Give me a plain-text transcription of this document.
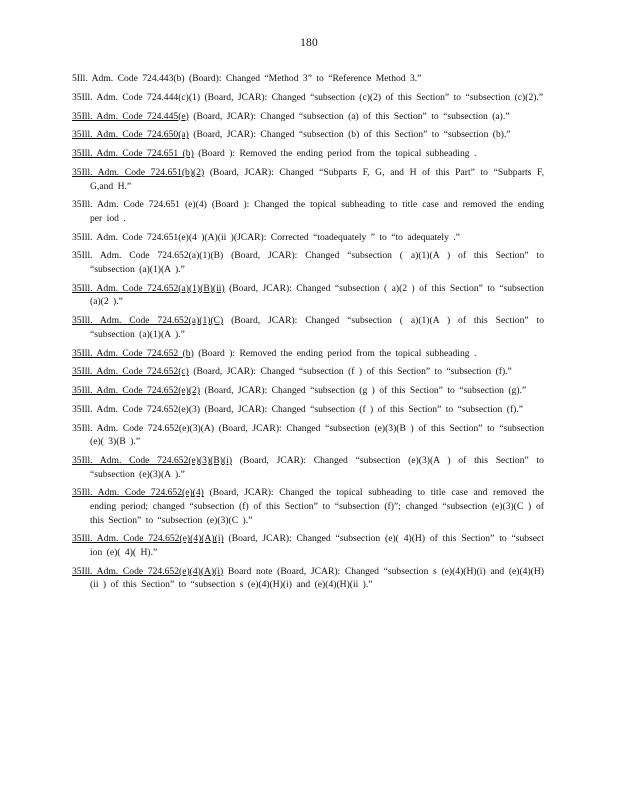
180

5Ill. Adm. Code 724.443(b) (Board): Changed “Method 3” to “Reference Method 3.”

35Ill. Adm. Code 724.444(c)(1) (Board, JCAR): Changed “subsection (c)(2) of this Section” to “subsection (c)(2).”

35Ill. Adm. Code 724.445(e) (Board, JCAR): Changed “subsection (a) of this Section” to “subsection (a).”

35Ill. Adm. Code 724.650(a) (Board, JCAR): Changed “subsection (b) of this Section” to “subsection (b).”

35Ill. Adm. Code 724.651 (b) (Board ): Removed the ending period from the topical subheading .

35Ill. Adm. Code 724.651(b)(2) (Board, JCAR): Changed “Subparts F, G, and H of this Part” to “Subparts F, G,and H.”

35Ill. Adm. Code 724.651 (e)(4) (Board ): Changed the topical subheading to title case and removed the ending per iod .

35Ill. Adm. Code 724.651(e)(4 )(A)(ii )(JCAR): Corrected “toadequately ” to “to adequately .”

35Ill. Adm. Code 724.652(a)(1)(B) (Board, JCAR): Changed “subsection ( a)(1)(A ) of this Section” to “subsection (a)(1)(A ).”

35Ill. Adm. Code 724.652(a)(1)(B)(ii) (Board, JCAR): Changed “subsection ( a)(2 ) of this Section” to “subsection (a)(2 ).”

35Ill. Adm. Code 724.652(a)(1)(C) (Board, JCAR): Changed “subsection ( a)(1)(A ) of this Section” to “subsection (a)(1)(A ).”

35Ill. Adm. Code 724.652 (b) (Board ): Removed the ending period from the topical subheading .

35Ill. Adm. Code 724.652(c) (Board, JCAR): Changed “subsection (f ) of this Section” to “subsection (f).”

35Ill. Adm. Code 724.652(e)(2) (Board, JCAR): Changed “subsection (g ) of this Section” to “subsection (g).”

35Ill. Adm. Code 724.652(e)(3) (Board, JCAR): Changed “subsection (f ) of this Section” to “subsection (f).”

35Ill. Adm. Code 724.652(e)(3)(A) (Board, JCAR): Changed “subsection (e)(3)(B ) of this Section” to “subsection (e)( 3)(B ).”

35Ill. Adm. Code 724.652(e)(3)(B)(i) (Board, JCAR): Changed “subsection (e)(3)(A ) of this Section” to “subsection (e)(3)(A ).”

35Ill. Adm. Code 724.652(e)(4) (Board, JCAR): Changed the topical subheading to title case and removed the ending period; changed “subsection (f) of this Section” to “subsection (f)”; changed “subsection (e)(3)(C ) of this Section” to “subsection (e)(3)(C ).”

35Ill. Adm. Code 724.652(e)(4)(A)(i) (Board, JCAR): Changed “subsection (e)( 4)(H) of this Section” to “subsect ion (e)( 4)( H).”

35Ill. Adm. Code 724.652(e)(4)(A)(i) Board note (Board, JCAR): Changed “subsection s (e)(4)(H)(i) and (e)(4)(H)(ii ) of this Section” to “subsection s (e)(4)(H)(i) and (e)(4)(H)(ii ).”
